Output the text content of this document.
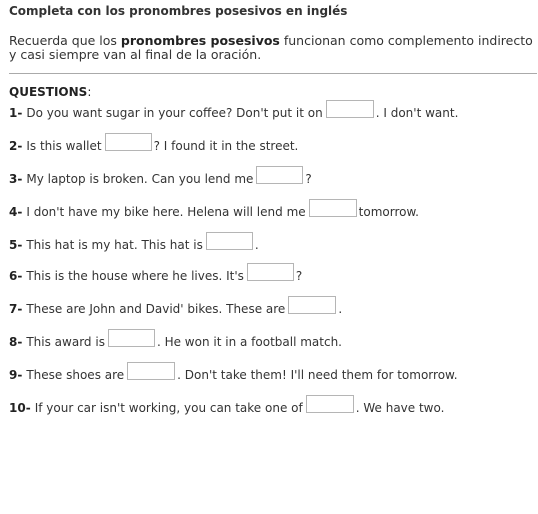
Completa con los pronombres posesivos en inglés
Recuerda que los pronombres posesivos funcionan como complemento indirecto y casi siempre van al final de la oración.
QUESTIONS:
1- Do you want sugar in your coffee? Don't put it on	. I don't want.
2- Is this wallet	? I found it in the street.
3- My laptop is broken. Can you lend me	?
4- I don't have my bike here. Helena will lend me	tomorrow.
5- This hat is my hat. This hat is	.
6- This is the house where he lives. It's	?
7- These are John and David' bikes. These are	.
8- This award is	. He won it in a football match.
9- These shoes are	. Don't take them! I'll need them for tomorrow.
10- If your car isn't working, you can take one of	. We have two.
